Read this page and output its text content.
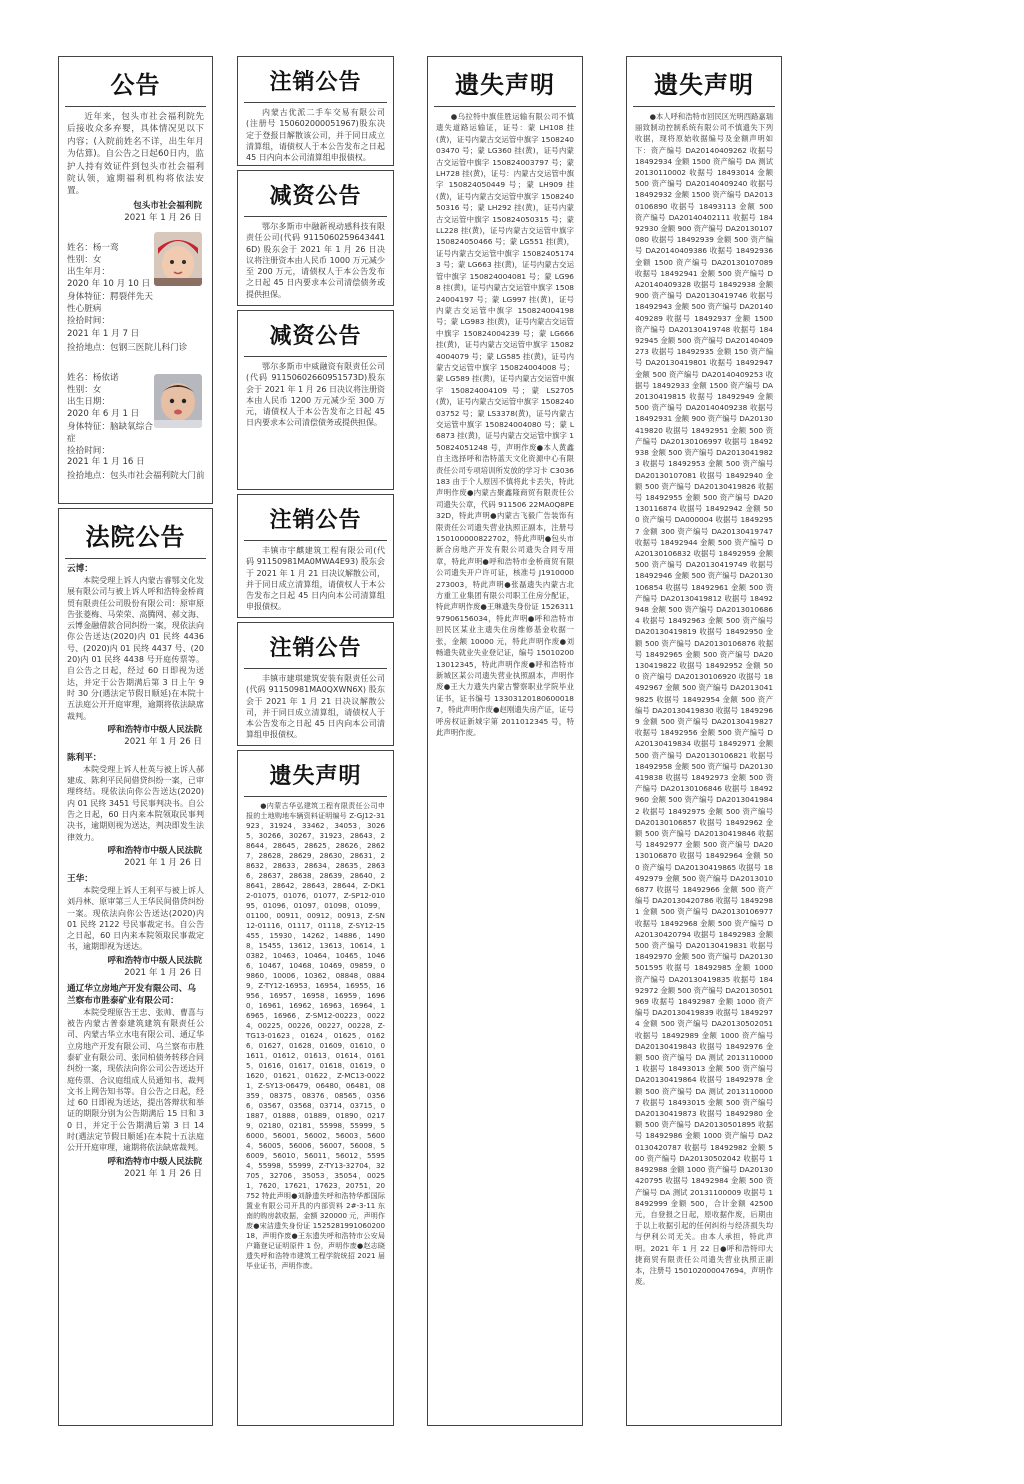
公告

近年来，包头市社会福利院先后接收众多弃婴，具体情况见以下内容；(入院前姓名不详，出生年月为估算)。自公告之日起60日内，监护人持有效证件到包头市社会福利院认领，逾期福利机构将依法安置。

包头市社会福利院
2021 年 1 月 26 日
姓名：杨一鸾
性别：女
出生年月：
2020 年 10 月 10 日
身体特征：腭裂伴先天性心脏病
捡拾时间：
2021 年 1 月 7 日
捡拾地点：包钢三医院儿科门诊
姓名：杨依诺
性别：女
出生日期：
2020 年 6 月 1 日
身体特征：脑缺氧综合症
捡拾时间：
2021 年 1 月 16 日
捡拾地点：包头市社会福利院大门前
法院公告
云博：

本院受理上诉人内蒙古睿鄂文化发展有限公司与被上诉人呼和浩特金桥商贸有限责任公司股份有限公司：原审原告张菱梅、马荣荣、高腾网、郝文海、云博金融借款合同纠纷一案，现依法向你公告送达(2020)内 01 民终 4436 号、(2020)内 01 民终 4437 号、(2020)内 01 民终 4438 号开庭传票等。自公告之日起，经过 60 日即视为送达，并定于公告期满后第 3 日上午 9 时 30 分(遇法定节假日顺延)在本院十五法庭公开开庭审理，逾期将依法缺席裁判。

呼和浩特市中级人民法院
2021 年 1 月 26 日
陈利平：

本院受理上诉人杜英与被上诉人郝建成、陈利平民间借贷纠纷一案，已审理终结。现依法向你公告送达(2020)内 01 民终 3451 号民事判决书。自公告之日起，60 日内来本院领取民事判决书，逾期则视为送达，判决即发生法律效力。

呼和浩特市中级人民法院
2021 年 1 月 26 日
王华：

本院受理上诉人王利平与被上诉人刘丹林、原审第三人王华民间借贷纠纷一案。现依法向你公告送达(2020)内 01 民终 2122 号民事裁定书。自公告之日起，60 日内来本院领取民事裁定书，逾期即视为送达。

呼和浩特市中级人民法院
2021 年 1 月 26 日
通辽华立房地产开发有限公司、乌兰察布市胜泰矿业有限公司：

本院受理原告王忠、张帅、曹喜与被告内蒙古普泰建筑建筑有限责任公司、内蒙古华立水电有限公司、通辽华立房地产开发有限公司、乌兰察布市胜泰矿业有限公司、张同柏债务转移合同纠纷一案，现依法向你公司公告送达开庭传票、合议庭组成人员通知书、裁判文书上网告知书等。自公告之日起，经过 60 日即视为送达，提出答辩状和举证的期限分别为公告期满后 15 日和 30 日，并定于公告期满后第 3 日 14 时(遇法定节假日顺延)在本院十五法庭公开开庭审理，逾期将依法缺席裁判。

呼和浩特市中级人民法院
2021 年 1 月 26 日
注销公告

内蒙古优派二手车交易有限公司(注册号 150602000051967)股东决定于登报日解散该公司，并于同日成立清算组，请债权人于本公告发布之日起 45 日内向本公司清算组申报债权。

减资公告

鄂尔多斯市中融新视动感科技有限责任公司(代码 91150602596434416D) 股东会于 2021 年 1 月 26 日决议将注册资本由人民币 1000 万元减少至 200 万元，请债权人于本公告发布之日起 45 日内要求本公司清偿债务或提供担保。

减资公告

鄂尔多斯市中威融资有限责任公司(代码 91150602660951573D)股东会于 2021 年 1 月 26 日决议将注册资本由人民币 1200 万元减少至 300 万元，请债权人于本公告发布之日起 45 日内要求本公司清偿债务或提供担保。

注销公告

丰镇市宇麒建筑工程有限公司(代码 91150981MA0MWA4E93) 股东会于 2021 年 1 月 21 日决议解散公司，并于同日成立清算组，请债权人于本公告发布之日起 45 日内向本公司清算组申报债权。

注销公告

丰镇市建琪建筑安装有限责任公司(代码 91150981MA0QXWN6X) 股东会于 2021 年 1 月 21 日决议解散公司，并于同日成立清算组，请债权人于本公告发布之日起 45 日内向本公司清算组申报债权。

遗失声明

●内蒙古华弘建筑工程有限责任公司申报的土地购地车辆资料证明编号 Z-GJ12-31923，31924，33462，34053，30265，30266，30267，31923，28643，28644，28645，28625，28626，28627，28628，28629，28630，28631，28632，28633，28634，28635，28636，28637，28638，28639，28640，28641，28642，28643，28644，Z-DK12-01075，01076，01077，Z-SP12-01095，01096，01097，01098，01099，01100，00911，00912，00913，Z-SN12-01116，01117，01118，Z-SY12-15455，15930，14262，14886，14908，15455，13612，13613，10614，10382，10463，10464，10465，10466，10467，10468，10469，09859，09860，10006，10362，08848，08849，Z-TY12-16953，16954，16955，16956，16957，16958，16959，16960，16961，16962，16963，16964，16965，16966，Z-SM12-00223，00224，00225，00226，00227，00228，Z-TG13-01623，01624，01625，01626，01627，01628，01609，01610，01611，01612，01613，01614，01615，01616，01617，01618，01619，01620，01621，01622，Z-MC13-00221，Z-SY13-06479，06480，06481，08359，08375，08376，08565，03566，03567，03568，03714，03715，01887，01888，01889，01890，02179，02180，02181，55998，55999，56000，56001，56002，56003，56004，56005，56006，56007，56008，56009，56010，56011，56012，55954，55998，55999，Z-TY13-32704，32705，32706，35053，35054，00251，7620，17621，17623，20751，20752 特此声明●刘静遗失呼和浩特华都国际置业有限公司开具的内部资料 2#-3-11 东南的购房款收据，金额 320000 元，声明作废●宋洁遗失身份证 152528199106020018，声明作废●王东遗失呼和浩特市公安局户籍登记证明原件 1 份，声明作废●赵志晓遗失呼和浩特市建筑工程学院统招 2021 届毕业证书，声明作废。

遗失声明

●乌拉特中旗佳胜运输有限公司不慎遗失道路运输证，证号：蒙 LH108 挂(黄)，证号内蒙古交运管中旗字 150824003470 号；蒙 LG360 挂(黄)，证号内蒙古交运管中旗字 150824003797 号；蒙 LH728 挂(黄)，证号：内蒙古交运管中旗字 150824050449 号；蒙 LH909 挂(黄)，证号内蒙古交运管中旗字 150824050316 号；蒙 LH292 挂(黄)，证号内蒙古交运管中旗字 150824050315 号；蒙 LL228 挂(黄)，证号内蒙古交运管中旗字 150824050466 号；蒙 LG551 挂(黄)，证号内蒙古交运管中旗字 150824051743 号；蒙 LG663 挂(黄)，证号内蒙古交运管中旗字 150824004081 号；蒙 LG968 挂(黄)，证号内蒙古交运管中旗字 150824004197 号；蒙 LG997 挂(黄)，证号内蒙古交运管中旗字 150824004198 号；蒙 LG983 挂(黄)，证号内蒙古交运管中旗字 150824004239 号；蒙 LG666 挂(黄)，证号内蒙古交运管中旗字 150824004079 号；蒙 LG585 挂(黄)，证号内蒙古交运管中旗字 150824004008 号；蒙 LG589 挂(黄)，证号内蒙古交运管中旗字 150824004109 号；蒙 LS2705(黄)，证号内蒙古交运管中旗字 150824003752 号；蒙 LS3378(黄)，证号内蒙古交运管中旗字 150824004080 号；蒙 L6873 挂(黄)，证号内蒙古交运管中旗字 150824051248 号，声明作废●本人黄鑫自主选择呼和浩特蓝天文化资源中心有限责任公司专项培训所发放的学习卡 C3036183 由于个人原因不慎将此卡丢失，特此声明作废●内蒙古聚鑫隆商贸有限责任公司遗失公章，代码 911506 22MA0Q8PE32D，特此声明●内蒙古飞毅广告装饰有限责任公司遗失营业执照正副本，注册号 150100000822702，特此声明●包头市新合房地产开发有限公司遗失合同专用章，特此声明●呼和浩特市金桥商贸有限公司遗失开户许可证，核准号 J1910000273003，特此声明●张磊遗失内蒙古北方重工业集团有限公司职工住房分配证，特此声明作废●王琳遗失身份证 152631197906156034，特此声明●呼和浩特市回民区某业主遗失住房维修基金收据一张，金额 10000 元，特此声明作废●刘畅遗失就业失业登记证，编号 1501020013012345，特此声明作废●呼和浩特市新城区某公司遗失营业执照副本，声明作废●王大力遗失内蒙古警察职业学院毕业证书，证书编号 133031201806000187，特此声明作废●赵刚遗失房产证，证号呼房权证新城字第 2011012345 号，特此声明作废。

遗失声明

●本人呼和浩特市回民区光明西路嘉瑞丽致制动控制系统有限公司不慎遗失下列收据，现将原始收据编号及金额声明如下：资产编号 DA20140409262 收据号 18492934 金额 1500 资产编号 DA 测试 20130110002 收据号 18493014 金额 500 资产编号 DA20140409240 收据号 18492932 金额 1500 资产编号 DA20130106890 收据号 18493113 金额 500 资产编号 DA20140402111 收据号 18492930 金额 900 资产编号 DA20130107080 收据号 18492939 金额 500 资产编号 DA20140409386 收据号 18492936 金额 1500 资产编号 DA20130107089 收据号 18492941 金额 500 资产编号 DA20140409328 收据号 18492938 金额 900 资产编号 DA20130419746 收据号 18492943 金额 500 资产编号 DA20140409289 收据号 18492937 金额 1500 资产编号 DA20130419748 收据号 18492945 金额 500 资产编号 DA20140409273 收据号 18492935 金额 150 资产编号 DA20130419801 收据号 18492947 金额 500 资产编号 DA20140409253 收据号 18492933 金额 1500 资产编号 DA20130419815 收据号 18492949 金额 500 资产编号 DA20140409238 收据号 18492931 金额 900 资产编号 DA20130419820 收据号 18492951 金额 500 资产编号 DA20130106997 收据号 18492938 金额 500 资产编号 DA20130419823 收据号 18492953 金额 500 资产编号 DA20130107081 收据号 18492940 金额 500 资产编号 DA20130419826 收据号 18492955 金额 500 资产编号 DA20130116874 收据号 18492942 金额 500 资产编号 DA000004 收据号 18492957 金额 300 资产编号 DA20130419747 收据号 18492944 金额 500 资产编号 DA20130106832 收据号 18492959 金额 500 资产编号 DA20130419749 收据号 18492946 金额 500 资产编号 DA20130106854 收据号 18492961 金额 500 资产编号 DA20130419812 收据号 18492948 金额 500 资产编号 DA20130106864 收据号 18492963 金额 500 资产编号 DA20130419819 收据号 18492950 金额 500 资产编号 DA20130106876 收据号 18492965 金额 500 资产编号 DA20130419822 收据号 18492952 金额 500 资产编号 DA20130106920 收据号 18492967 金额 500 资产编号 DA20130419825 收据号 18492954 金额 500 资产编号 DA20130419830 收据号 18492969 金额 500 资产编号 DA20130419827 收据号 18492956 金额 500 资产编号 DA20130419834 收据号 18492971 金额 500 资产编号 DA20130106821 收据号 18492958 金额 500 资产编号 DA20130419838 收据号 18492973 金额 500 资产编号 DA20130106846 收据号 18492960 金额 500 资产编号 DA20130419842 收据号 18492975 金额 500 资产编号 DA20130106857 收据号 18492962 金额 500 资产编号 DA20130419846 收据号 18492977 金额 500 资产编号 DA20130106870 收据号 18492964 金额 500 资产编号 DA20130419865 收据号 18492979 金额 500 资产编号 DA20130106877 收据号 18492966 金额 500 资产编号 DA20130420786 收据号 18492981 金额 500 资产编号 DA20130106977 收据号 18492968 金额 500 资产编号 DA20130420794 收据号 18492983 金额 500 资产编号 DA20130419831 收据号 18492970 金额 500 资产编号 DA20130501595 收据号 18492985 金额 1000 资产编号 DA20130419835 收据号 18492972 金额 500 资产编号 DA20130501969 收据号 18492987 金额 1000 资产编号 DA20130419839 收据号 18492974 金额 500 资产编号 DA20130502051 收据号 18492989 金额 1000 资产编号 DA20130419843 收据号 18492976 金额 500 资产编号 DA 测试 20131100001 收据号 18493013 金额 500 资产编号 DA20130419864 收据号 18492978 金额 500 资产编号 DA 测试 20131100007 收据号 18493015 金额 500 资产编号 DA20130419873 收据号 18492980 金额 500 资产编号 DA20130501895 收据号 18492986 金额 1000 资产编号 DA20130420787 收据号 18492982 金额 500 资产编号 DA20130502042 收据号 18492988 金额 1000 资产编号 DA20130420795 收据号 18492984 金额 500 资产编号 DA 测试 20131100009 收据号 18492999 金额 500，合计金额 42500 元，自登报之日起，原收据作废，后期由于以上收据引起的任何纠纷与经济损失均与伊利公司无关。由本人承担，特此声明。2021 年 1 月 22 日●呼和浩特印大捷商贸有限责任公司遗失营业执照正副本，注册号 150102000047694，声明作废。
